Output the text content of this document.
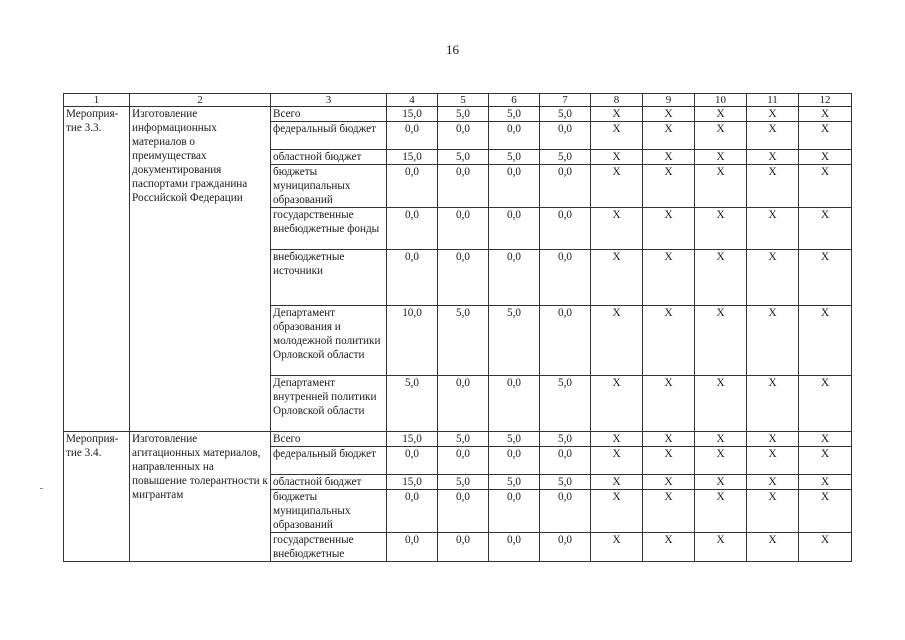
16
1	2	3	4	5	6	7	8	9	10	11	12
Мероприя-тие 3.3.	Изготовление информационных материалов о преимуществах документирования паспортами гражданина Российской Федерации	Всего	15,0	5,0	5,0	5,0	X	X	X	X	X
		федеральный бюджет	0,0	0,0	0,0	0,0	X	X	X	X	X
		областной бюджет	15,0	5,0	5,0	5,0	X	X	X	X	X
		бюджеты муниципальных образований	0,0	0,0	0,0	0,0	X	X	X	X	X
		государственные внебюджетные фонды	0,0	0,0	0,0	0,0	X	X	X	X	X
		внебюджетные источники	0,0	0,0	0,0	0,0	X	X	X	X	X
		Департамент образования и молодежной политики Орловской области	10,0	5,0	5,0	0,0	X	X	X	X	X
		Департамент внутренней политики Орловской области	5,0	0,0	0,0	5,0	X	X	X	X	X
Мероприя-тие 3.4.	Изготовление агитационных материалов, направленных на повышение толерантности к мигрантам	Всего	15,0	5,0	5,0	5,0	X	X	X	X	X
		федеральный бюджет	0,0	0,0	0,0	0,0	X	X	X	X	X
		областной бюджет	15,0	5,0	5,0	5,0	X	X	X	X	X
		бюджеты муниципальных образований	0,0	0,0	0,0	0,0	X	X	X	X	X
		государственные внебюджетные	0,0	0,0	0,0	0,0	X	X	X	X	X
